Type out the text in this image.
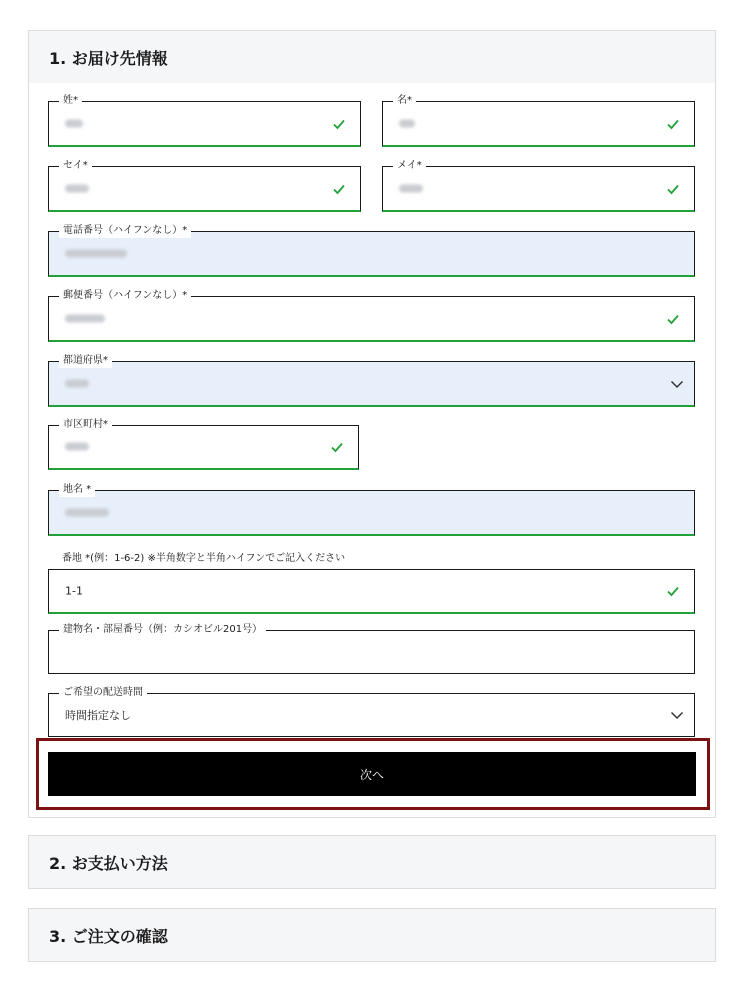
1. お届け先情報
姓*	名*
セイ*	メイ*
電話番号（ハイフンなし）*
郵便番号（ハイフンなし）*
都道府県*
市区町村*
地名 *
番地 *(例：1-6-2) ※半角数字と半角ハイフンでご記入ください
1-1
建物名・部屋番号（例：カシオビル201号）
ご希望の配送時間
時間指定なし
次へ
2. お支払い方法
3. ご注文の確認
